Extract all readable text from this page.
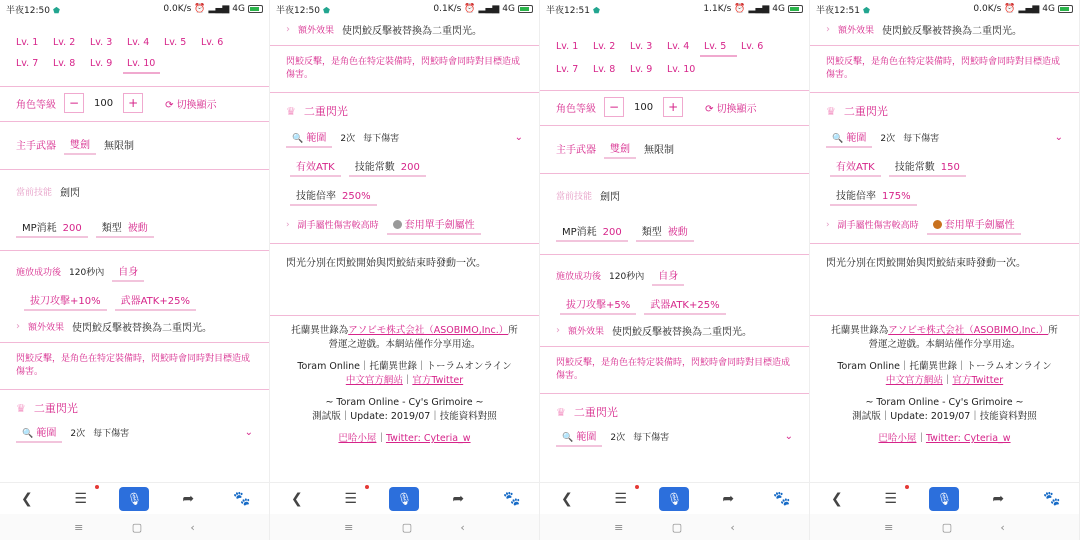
半夜12:50 ⬟	0.0K/s ⏰ ▂▄▆ 4G
Lv. 1	Lv. 2	Lv. 3	Lv. 4	Lv. 5	Lv. 6
Lv. 7	Lv. 8	Lv. 9	Lv. 10
角色等級	−	100	+	⟳ 切換顯示
主手武器	雙劍	無限制
當前技能 劍閃
MP消耗 200	類型 被動
施放成功後 120秒內	自身
拔刀攻擊+10%	武器ATK+25%
› 額外效果 使閃鮫反擊被替換為二重閃光。
閃鮫反擊，是角色在特定裝備時，閃鮫時會同時對目標造成傷害。
♛ 二重閃光
🔍 範圍	2次 每下傷害	⌄
❮	☰	🎙	➦	🐾
≡	▢	‹
半夜12:50 ⬟	0.1K/s ⏰ ▂▄▆ 4G
› 額外效果 使閃鮫反擊被替換為二重閃光。
閃鮫反擊，是角色在特定裝備時，閃鮫時會同時對目標造成傷害。
♛ 二重閃光
🔍 範圍	2次 每下傷害	⌄
有效ATK	技能常數 200
技能倍率 250%
› 副手屬性傷害較高時	套用單手劍屬性
閃光分別在閃鮫開始與閃鮫結束時發動一次。
托蘭異世錄為アソビモ株式会社（ASOBIMO,Inc.）所
營運之遊戲。本網站僅作分享用途。
Toram Online｜托蘭異世錄｜トーラムオンライン
中文官方網站｜官方Twitter
~ Toram Online - Cy's Grimoire ~
測試版｜Update: 2019/07｜技能資料對照
巴哈小屋｜Twitter: Cyteria_w
❮	☰	🎙	➦	🐾
≡	▢	‹
半夜12:51 ⬟	1.1K/s ⏰ ▂▄▆ 4G
Lv. 1	Lv. 2	Lv. 3	Lv. 4	Lv. 5	Lv. 6
Lv. 7	Lv. 8	Lv. 9	Lv. 10
角色等級	−	100	+	⟳ 切換顯示
主手武器	雙劍	無限制
當前技能 劍閃
MP消耗 200	類型 被動
施放成功後 120秒內	自身
拔刀攻擊+5%	武器ATK+25%
› 額外效果 使閃鮫反擊被替換為二重閃光。
閃鮫反擊，是角色在特定裝備時，閃鮫時會同時對目標造成傷害。
♛ 二重閃光
🔍 範圍	2次 每下傷害	⌄
❮	☰	🎙	➦	🐾
≡	▢	‹
半夜12:51 ⬟	0.0K/s ⏰ ▂▄▆ 4G
› 額外效果 使閃鮫反擊被替換為二重閃光。
閃鮫反擊，是角色在特定裝備時，閃鮫時會同時對目標造成傷害。
♛ 二重閃光
🔍 範圍	2次 每下傷害	⌄
有效ATK	技能常數 150
技能倍率 175%
› 副手屬性傷害較高時	套用單手劍屬性
閃光分別在閃鮫開始與閃鮫結束時發動一次。
托蘭異世錄為アソビモ株式会社（ASOBIMO,Inc.）所
營運之遊戲。本網站僅作分享用途。
Toram Online｜托蘭異世錄｜トーラムオンライン
中文官方網站｜官方Twitter
~ Toram Online - Cy's Grimoire ~
測試版｜Update: 2019/07｜技能資料對照
巴哈小屋｜Twitter: Cyteria_w
❮	☰	🎙	➦	🐾
≡	▢	‹
